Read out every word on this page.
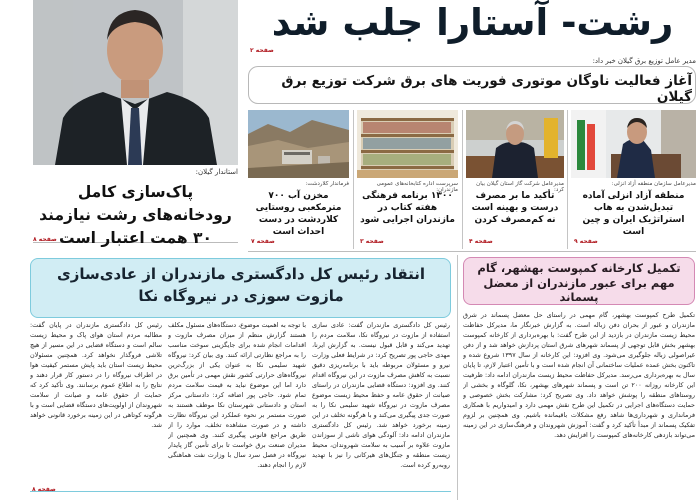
رشت- آستارا جلب شد
صفحه ۲
استاندار گیلان:
پاک‌سازی کامل رودخانه‌های رشت نیازمند ۳۰ همت اعتبار است
صفحه ۸
مدیر عامل توزیع برق گیلان خبر داد:
آغاز فعالیت ناوگان موتوری فوریت های برق شرکت توزیع برق گیلان
مدیرعامل سازمان منطقه آزاد انزلی:
منطقه آزاد انزلی آماده تبدیل‌شدن به هاب استراتژیک ایران و چین است
صفحه ۹
مدیرعامل شرکت گاز استان گیلان بیان کرد:
تأکید ما بر مصرف درست و بهینه است نه کم‌مصرف کردن
صفحه ۴
سرپرست اداره کتابخانه‌های عمومی مازندران:
۱۳۰۰ برنامه فرهنگی هفته کتاب در مازندران اجرایی شود
صفحه ۳
فرماندار کلاردشت:
مخزن آب ۷۰۰ مترمکعبی روستایی کلاردشت در دست احداث است
صفحه ۷
انتقاد رئیس کل دادگستری مازندران از عادی‌سازی مازوت سوزی در نیروگاه نکا

رئیس کل دادگستری مازندران گفت: عادی سازی استفاده از مازوت در نیروگاه نکا، سلامت مردم را تهدید می‌کند و قابل قبول نیست. به گزارش ایرنا، مهدی حاجی پور تصریح کرد: در شرایط فعلی وزارت نیرو و مسئولان مربوطه باید با برنامه‌ریزی دقیق نسبت به کاهش مصرف مازوت در این نیروگاه اقدام کنند. وی افزود: دستگاه قضایی مازندران در راستای صیانت از حقوق عامه و حفظ محیط زیست موضوع مصرف مازوت در نیروگاه شهید سلیمی نکا را به صورت جدی پیگیری می‌کند و با هرگونه تخلف در این زمینه برخورد خواهد شد. رئیس کل دادگستری مازندران ادامه داد: آلودگی هوای ناشی از سوزاندن مازوت علاوه بر آسیب به سلامت شهروندان، محیط زیست منطقه و جنگل‌های هیرکانی را نیز با تهدید روبه‌رو کرده است.

با توجه به اهمیت موضوع، دستگاه‌های مسئول مکلف هستند گزارش منظم از میزان مصرف مازوت و اقدامات انجام شده برای جایگزینی سوخت مناسب را به مراجع نظارتی ارائه کنند. وی بیان کرد: نیروگاه شهید سلیمی نکا به عنوان یکی از بزرگ‌ترین نیروگاه‌های حرارتی کشور نقش مهمی در تأمین برق دارد اما این موضوع نباید به قیمت سلامت مردم تمام شود. حاجی پور اضافه کرد: دادستانی مرکز استان و دادستانی شهرستان نکا موظف هستند به صورت مستمر بر نحوه عملکرد این نیروگاه نظارت داشته و در صورت مشاهده تخلف، موارد را از طریق مراجع قانونی پیگیری کنند. وی همچنین از مدیران صنعت برق خواست تا برای تأمین گاز پایدار نیروگاه در فصل سرد سال با وزارت نفت هماهنگی لازم را انجام دهند.

رئیس کل دادگستری مازندران در پایان گفت: مطالبه مردم استان هوای پاک و محیط زیست سالم است و دستگاه قضایی در این مسیر از هیچ تلاشی فروگذار نخواهد کرد. همچنین مسئولان محیط زیست استان باید پایش مستمر کیفیت هوا در اطراف نیروگاه را در دستور کار قرار دهند و نتایج را به اطلاع عموم برسانند. وی تأکید کرد که حمایت از حقوق عامه و صیانت از سلامت شهروندان از اولویت‌های دستگاه قضایی است و با هرگونه کوتاهی در این زمینه برخورد قانونی خواهد شد.

صفحه ۸
تکمیل کارخانه کمپوست بهشهر، گام مهم برای عبور مازندران از معضل پسماند

تکمیل طرح کمپوست بهشهر، گام مهمی در راستای حل معضل پسماند در شرق مازندران و عبور از بحران دفن زباله است. به گزارش خبرنگار ما، مدیرکل حفاظت محیط زیست مازندران در بازدید از این طرح گفت: با بهره‌برداری از کارخانه کمپوست بهشهر بخش قابل توجهی از پسماند شهرهای شرق استان پردازش خواهد شد و از دفن غیراصولی زباله جلوگیری می‌شود. وی افزود: این کارخانه از سال ۱۳۹۷ شروع شده و تاکنون بخش عمده عملیات ساختمانی آن انجام شده است و با تأمین اعتبار لازم، تا پایان سال به بهره‌برداری می‌رسد. مدیرکل حفاظت محیط زیست مازندران ادامه داد: ظرفیت این کارخانه روزانه ۲۰۰ تن است و پسماند شهرهای بهشهر، نکا، گلوگاه و بخشی از روستاهای منطقه را پوشش خواهد داد. وی تصریح کرد: مشارکت بخش خصوصی و حمایت دستگاه‌های اجرایی در تکمیل این طرح نقش مهمی دارد و امیدواریم با همکاری فرمانداری و شهرداری‌ها شاهد رفع مشکلات باقیمانده باشیم. وی همچنین بر لزوم تفکیک پسماند از مبدأ تأکید کرد و گفت: آموزش شهروندان و فرهنگ‌سازی در این زمینه می‌تواند بازدهی کارخانه‌های کمپوست را افزایش دهد.
